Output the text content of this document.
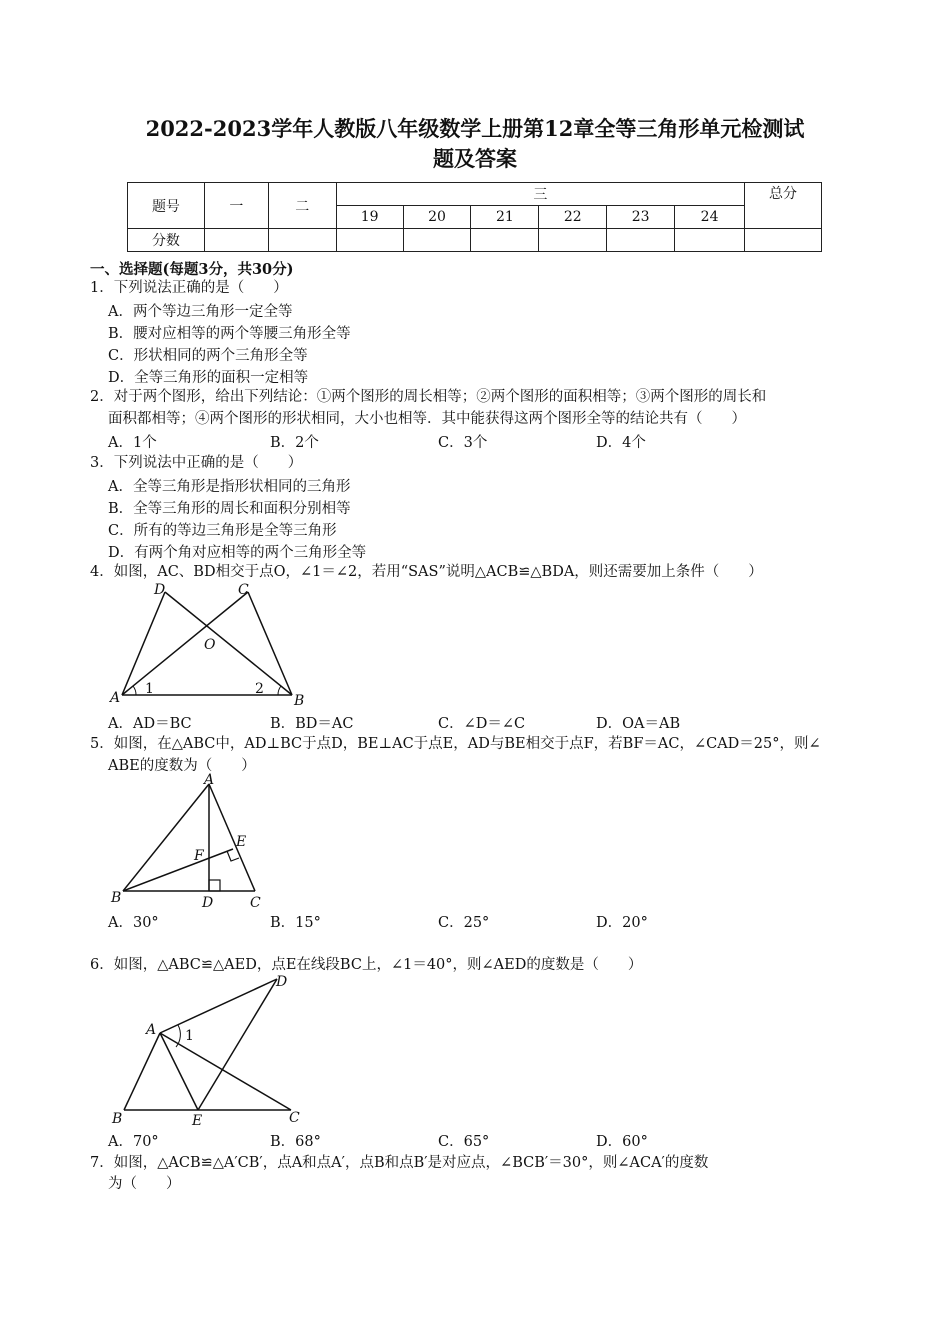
2022-2023学年人教版八年级数学上册第12章全等三角形单元检测试
题及答案
题号	一	二	三						总分
			19	20	21	22	23	24	
分数									
一、选择题(每题3分，共30分)
1．下列说法正确的是（　　）
A．两个等边三角形一定全等
B．腰对应相等的两个等腰三角形全等
C．形状相同的两个三角形全等
D．全等三角形的面积一定相等
2．对于两个图形，给出下列结论：①两个图形的周长相等；②两个图形的面积相等；③两个图形的周长和
面积都相等；④两个图形的形状相同，大小也相等．其中能获得这两个图形全等的结论共有（　　）
A．1个	B．2个	C．3个	D．4个
3．下列说法中正确的是（　　）
A．全等三角形是指形状相同的三角形
B．全等三角形的周长和面积分别相等
C．所有的等边三角形是全等三角形
D．有两个角对应相等的两个三角形全等
4．如图，AC、BD相交于点O，∠1＝∠2，若用“SAS”说明△ACB≌△BDA，则还需要加上条件（　　）
D	C
O
A	B
1	2
A．AD＝BC	B．BD＝AC	C．∠D＝∠C	D．OA＝AB
5．如图，在△ABC中，AD⊥BC于点D，BE⊥AC于点E，AD与BE相交于点F，若BF＝AC，∠CAD＝25°，则∠
ABE的度数为（　　）
A
E
F
B	D	C
A．30°	B．15°	C．25°	D．20°
6．如图，△ABC≌△AED，点E在线段BC上，∠1＝40°，则∠AED的度数是（　　）
D
A 1
B	E	C
A．70°	B．68°	C．65°	D．60°
7．如图，△ACB≌△A′CB′，点A和点A′，点B和点B′是对应点，∠BCB′＝30°，则∠ACA′的度数
为（　　）
